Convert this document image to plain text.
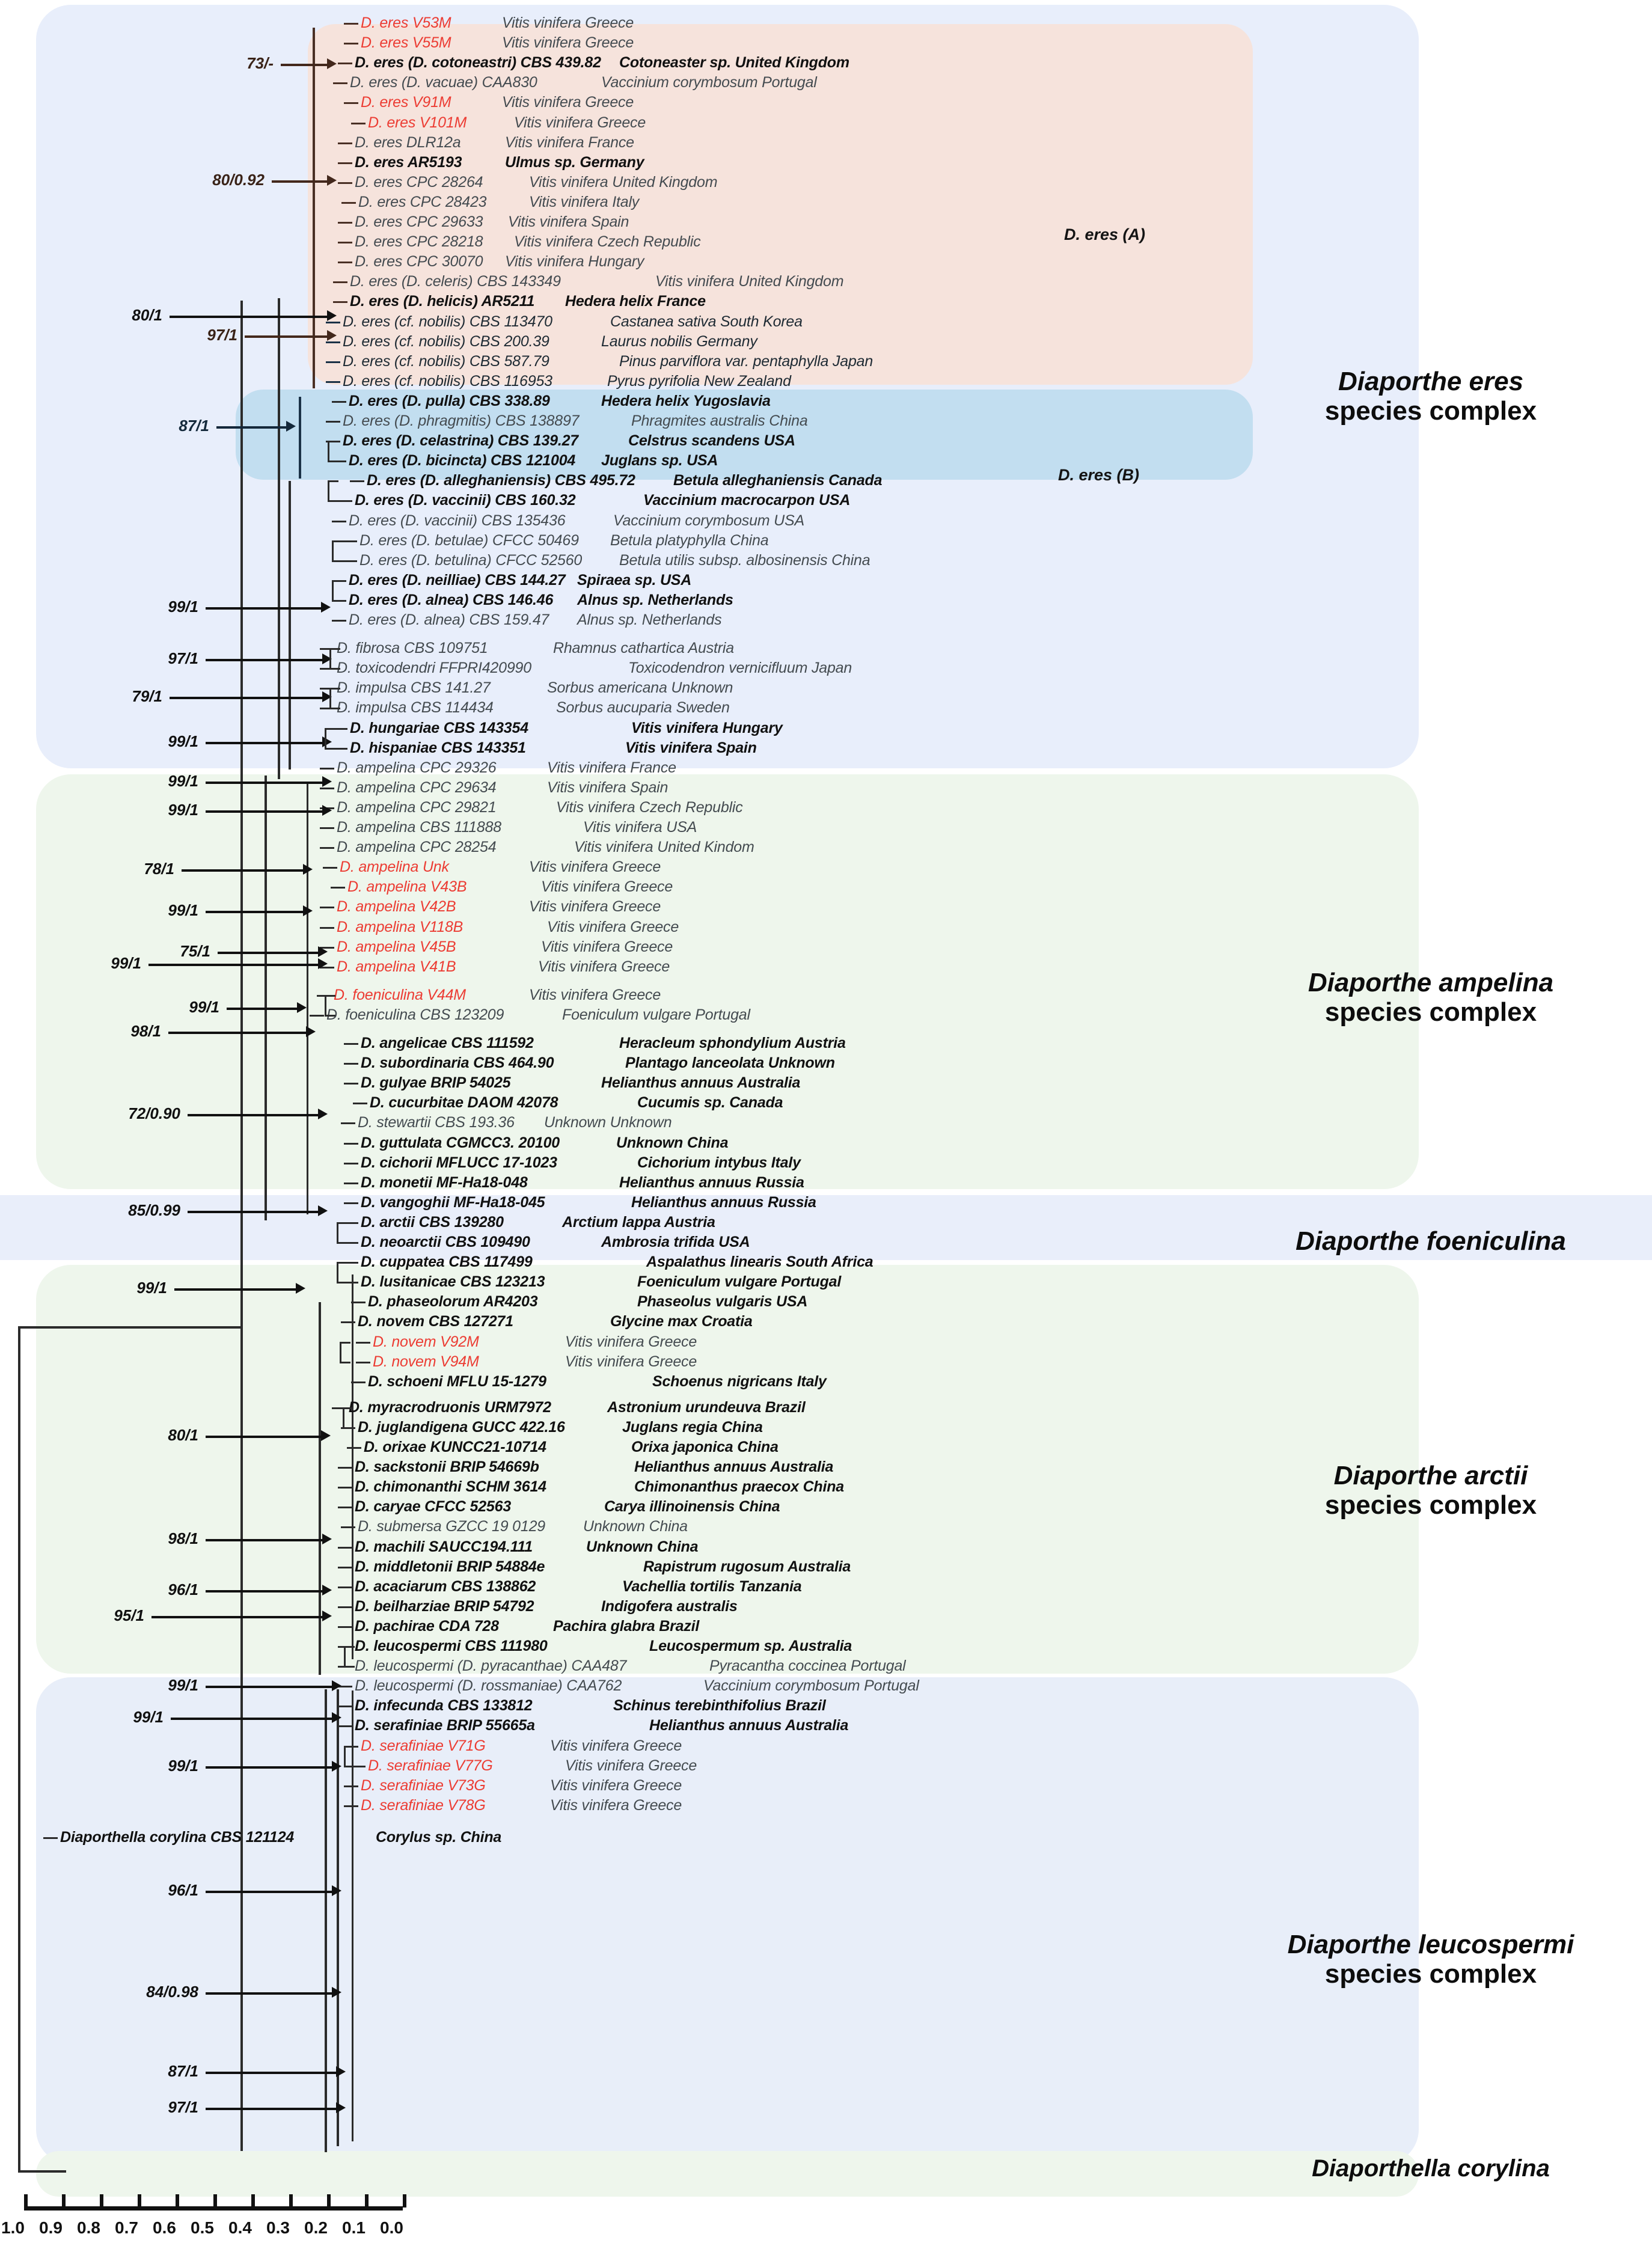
1.0 0.9 0.8 0.7 0.6 0.5 0.4 0.3 0.2 0.1 0.0
D. eres V53M	Vitis vinifera Greece
D. eres V55M	Vitis vinifera Greece
D. eres (D. cotoneastri) CBS 439.82 Cotoneaster sp. United Kingdom
D. eres (D. vacuae) CAA830	Vaccinium corymbosum Portugal
D. eres V91M	Vitis vinifera Greece
D. eres V101M	Vitis vinifera Greece
D. eres DLR12a	Vitis vinifera France
D. eres AR5193	Ulmus sp. Germany
D. eres CPC 28264	Vitis vinifera United Kingdom
D. eres CPC 28423	Vitis vinifera Italy
D. eres CPC 29633 Vitis vinifera Spain
D. eres CPC 28218 Vitis vinifera Czech Republic
D. eres CPC 30070 Vitis vinifera Hungary
D. eres (D. celeris) CBS 143349	Vitis vinifera United Kingdom
D. eres (D. helicis) AR5211 Hedera helix France
D. eres (cf. nobilis) CBS 113470	Castanea sativa South Korea
D. eres (cf. nobilis) CBS 200.39	Laurus nobilis Germany
D. eres (cf. nobilis) CBS 587.79	Pinus parviflora var. pentaphylla Japan
D. eres (cf. nobilis) CBS 116953	Pyrus pyrifolia New Zealand
D. eres (D. pulla) CBS 338.89	Hedera helix Yugoslavia
D. eres (D. phragmitis) CBS 138897	Phragmites australis China
D. eres (D. celastrina) CBS 139.27	Celstrus scandens USA
D. eres (D. bicincta) CBS 121004 Juglans sp. USA
D. eres (D. alleghaniensis) CBS 495.72	Betula alleghaniensis Canada
D. eres (D. vaccinii) CBS 160.32	Vaccinium macrocarpon USA
D. eres (D. vaccinii) CBS 135436	Vaccinium corymbosum USA
D. eres (D. betulae) CFCC 50469 Betula platyphylla China
D. eres (D. betulina) CFCC 52560 Betula utilis subsp. albosinensis China
D. eres (D. neilliae) CBS 144.27 Spiraea sp. USA
D. eres (D. alnea) CBS 146.46 Alnus sp. Netherlands
D. eres (D. alnea) CBS 159.47 Alnus sp. Netherlands
D. fibrosa CBS 109751	Rhamnus cathartica Austria
D. toxicodendri FFPRI420990	Toxicodendron vernicifluum Japan
D. impulsa CBS 141.27	Sorbus americana Unknown
D. impulsa CBS 114434	Sorbus aucuparia Sweden
D. hungariae CBS 143354	Vitis vinifera Hungary
D. hispaniae CBS 143351	Vitis vinifera Spain
D. ampelina CPC 29326	Vitis vinifera France
D. ampelina CPC 29634	Vitis vinifera Spain
D. ampelina CPC 29821	Vitis vinifera Czech Republic
D. ampelina CBS 111888	Vitis vinifera USA
D. ampelina CPC 28254	Vitis vinifera United Kindom
D. ampelina Unk	Vitis vinifera Greece
D. ampelina V43B	Vitis vinifera Greece
D. ampelina V42B	Vitis vinifera Greece
D. ampelina V118B	Vitis vinifera Greece
D. ampelina V45B	Vitis vinifera Greece
D. ampelina V41B	Vitis vinifera Greece
D. foeniculina V44M	Vitis vinifera Greece
D. foeniculina CBS 123209	Foeniculum vulgare Portugal
D. angelicae CBS 111592	Heracleum sphondylium Austria
D. subordinaria CBS 464.90	Plantago lanceolata Unknown
D. gulyae BRIP 54025	Helianthus annuus Australia
D. cucurbitae DAOM 42078	Cucumis sp. Canada
D. stewartii CBS 193.36 Unknown Unknown
D. guttulata CGMCC3. 20100	Unknown China
D. cichorii MFLUCC 17-1023	Cichorium intybus Italy
D. monetii MF-Ha18-048	Helianthus annuus Russia
D. vangoghii MF-Ha18-045	Helianthus annuus Russia
D. arctii CBS 139280	Arctium lappa Austria
D. neoarctii CBS 109490	Ambrosia trifida USA
D. cuppatea CBS 117499	Aspalathus linearis South Africa
D. lusitanicae CBS 123213	Foeniculum vulgare Portugal
D. phaseolorum AR4203	Phaseolus vulgaris USA
D. novem CBS 127271	Glycine max Croatia
D. novem V92M	Vitis vinifera Greece
D. novem V94M	Vitis vinifera Greece
D. schoeni MFLU 15-1279	Schoenus nigricans Italy
D. myracrodruonis URM7972	Astronium urundeuva Brazil
D. juglandigena GUCC 422.16	Juglans regia China
D. orixae KUNCC21-10714	Orixa japonica China
D. sackstonii BRIP 54669b	Helianthus annuus Australia
D. chimonanthi SCHM 3614	Chimonanthus praecox China
D. caryae CFCC 52563	Carya illinoinensis China
D. submersa GZCC 19 0129	Unknown China
D. machili SAUCC194.111	Unknown China
D. middletonii BRIP 54884e	Rapistrum rugosum Australia
D. acaciarum CBS 138862	Vachellia tortilis Tanzania
D. beilharziae BRIP 54792	Indigofera australis
D. pachirae CDA 728	Pachira glabra Brazil
D. leucospermi CBS 111980	Leucospermum sp. Australia
D. leucospermi (D. pyracanthae) CAA487	Pyracantha coccinea Portugal
D. leucospermi (D. rossmaniae) CAA762	Vaccinium corymbosum Portugal
D. infecunda CBS 133812	Schinus terebinthifolius Brazil
D. serafiniae BRIP 55665a	Helianthus annuus Australia
D. serafiniae V71G	Vitis vinifera Greece
D. serafiniae V77G	Vitis vinifera Greece
D. serafiniae V73G	Vitis vinifera Greece
D. serafiniae V78G	Vitis vinifera Greece
Diaporthella corylina CBS 121124	Corylus sp. China
73/-
80/0.92
80/1
97/1
87/1
99/1
97/1
79/1
99/1
99/1
99/1
78/1
99/1
75/1
99/1
99/1
98/1
72/0.90
85/0.99
99/1
80/1
98/1
96/1
95/1
99/1
99/1
99/1
96/1
84/0.98
87/1
97/1
Diaporthe eres
species complex
Diaporthe ampelina
species complex
Diaporthe foeniculina
Diaporthe arctii
species complex
Diaporthe leucospermi
species complex
Diaporthella corylina
D. eres (A)
D. eres (B)
